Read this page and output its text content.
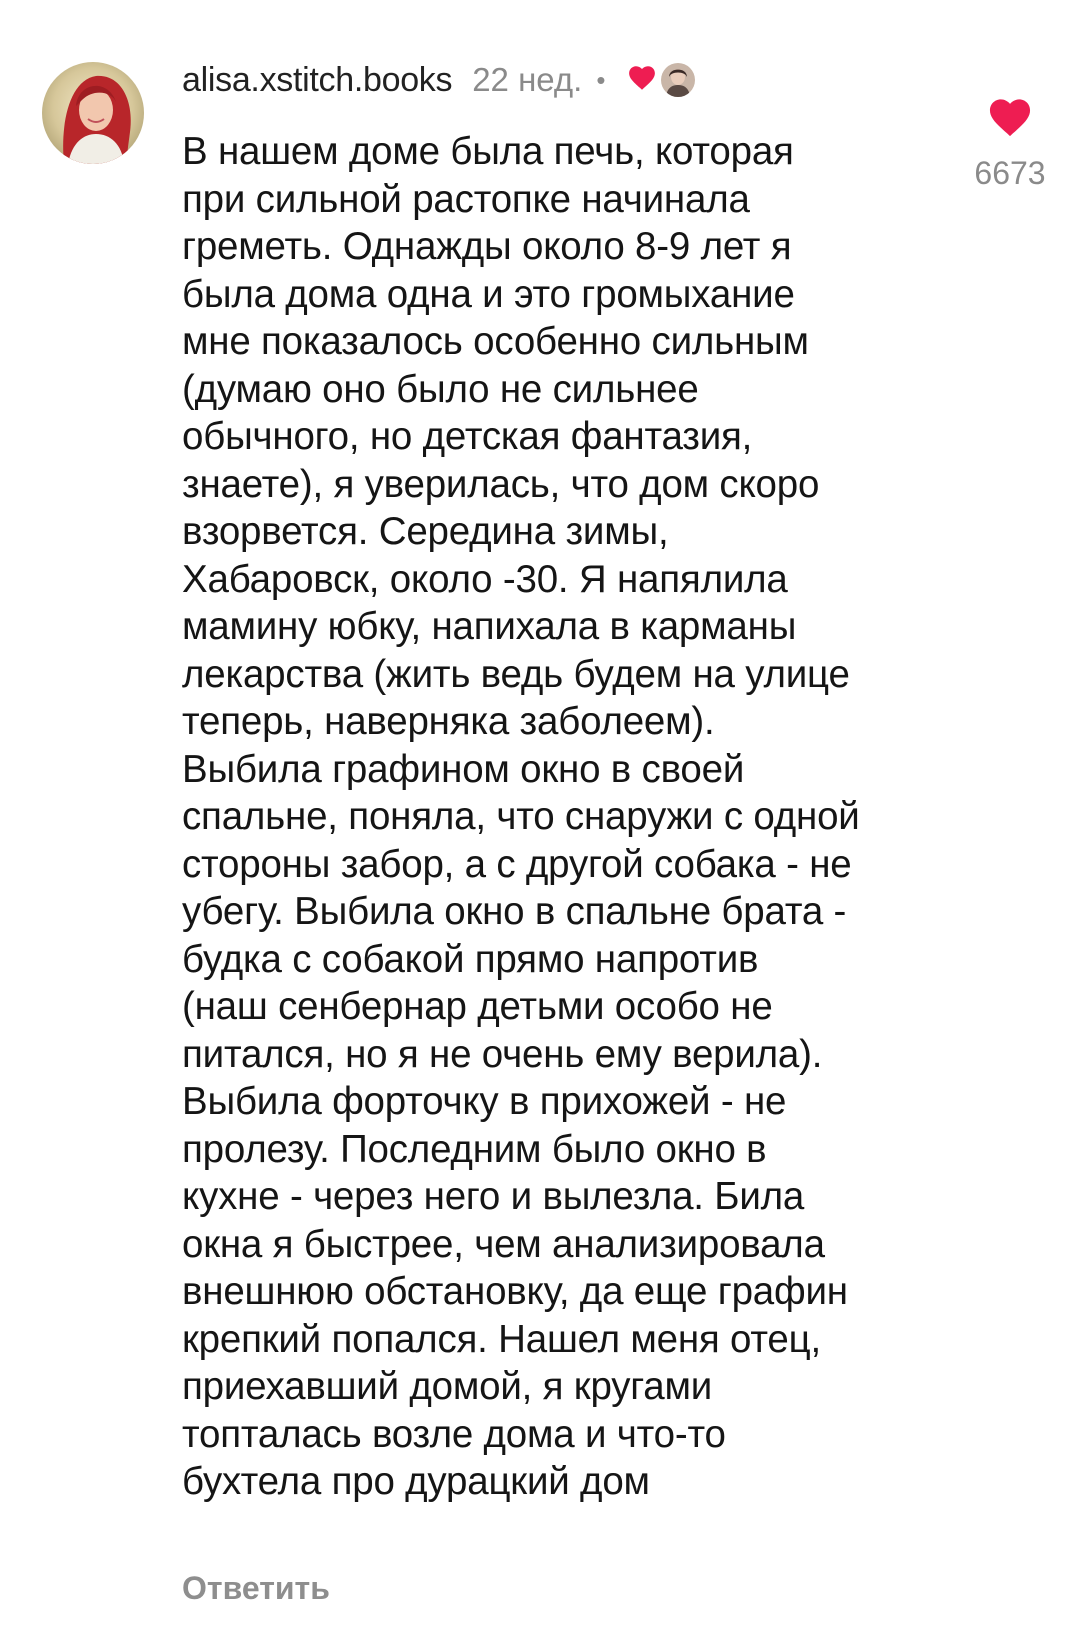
alisa.xstitch.books 22 нед. •
В нашем доме была печь, которая
при сильной растопке начинала
греметь. Однажды около 8-9 лет я
была дома одна и это громыхание
мне показалось особенно сильным
(думаю оно было не сильнее
обычного, но детская фантазия,
знаете), я уверилась, что дом скоро
взорвется. Середина зимы,
Хабаровск, около -30. Я напялила
мамину юбку, напихала в карманы
лекарства (жить ведь будем на улице
теперь, наверняка заболеем).
Выбила графином окно в своей
спальне, поняла, что снаружи с одной
стороны забор, а с другой собака - не
убегу. Выбила окно в спальне брата -
будка с собакой прямо напротив
(наш сенбернар детьми особо не
питался, но я не очень ему верила).
Выбила форточку в прихожей - не
пролезу. Последним было окно в
кухне - через него и вылезла. Била
окна я быстрее, чем анализировала
внешнюю обстановку, да еще графин
крепкий попался. Нашел меня отец,
приехавший домой, я кругами
топталась возле дома и что-то
бухтела про дурацкий дом
Ответить
6673
